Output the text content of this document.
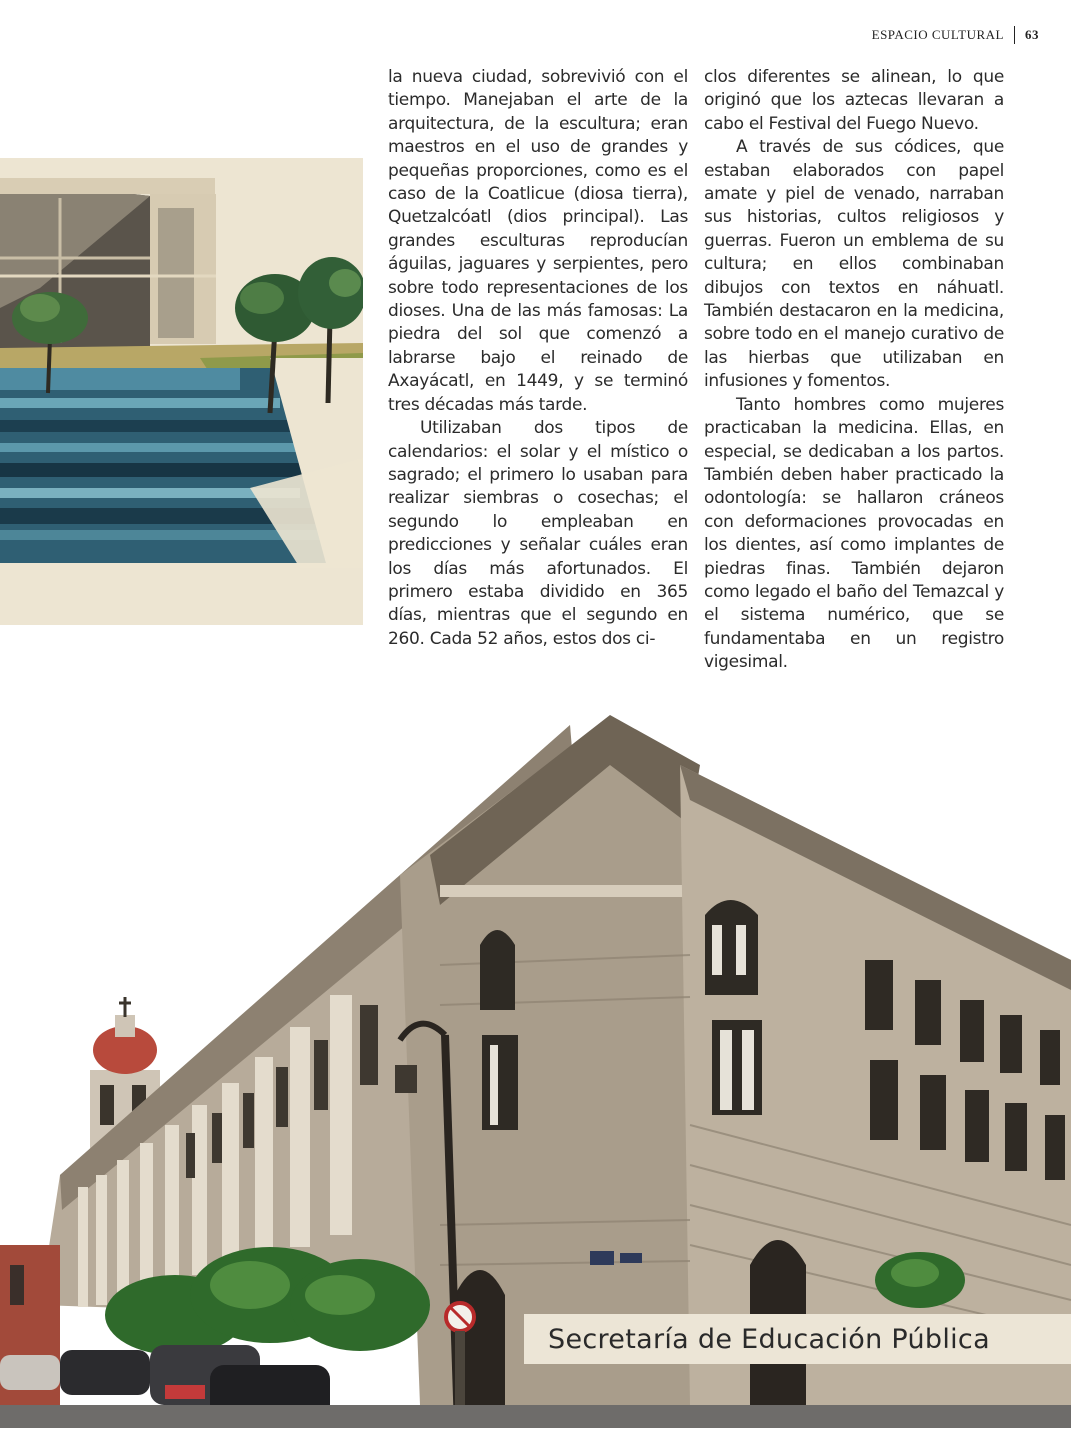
ESPACIO CULTURAL 63

la nueva ciudad, sobrevivió con el tiempo. Manejaban el arte de la arquitectura, de la escultura; eran maestros en el uso de grandes y pequeñas proporciones, como es el caso de la Coatlicue (diosa tierra), Quetzalcóatl (dios principal). Las grandes esculturas reproducían águilas, jaguares y serpientes, pero sobre todo representaciones de los dioses. Una de las más famosas: La piedra del sol que comenzó a labrarse bajo el reinado de Axayácatl, en 1449, y se terminó tres décadas más tarde.

Utilizaban dos tipos de calendarios: el solar y el místico o sagrado; el primero lo usaban para realizar siembras o cosechas; el segundo lo empleaban en predicciones y señalar cuáles eran los días más afortunados. El primero estaba dividido en 365 días, mientras que el segundo en 260. Cada 52 años, estos dos ci-

clos diferentes se alinean, lo que originó que los aztecas llevaran a cabo el Festival del Fuego Nuevo.

A través de sus códices, que estaban elaborados con papel amate y piel de venado, narraban sus historias, cultos religiosos y guerras. Fueron un emblema de su cultura; en ellos combinaban dibujos con textos en náhuatl. También destacaron en la medicina, sobre todo en el manejo curativo de las hierbas que utilizaban en infusiones y fomentos.

Tanto hombres como mujeres practicaban la medicina. Ellas, en especial, se dedicaban a los partos. También deben haber practicado la odontología: se hallaron cráneos con deformaciones provocadas en los dientes, así como implantes de piedras finas. También dejaron como legado el baño del Temazcal y el sistema numérico, que se fundamentaba en un registro vigesimal.

Secretaría de Educación Pública
